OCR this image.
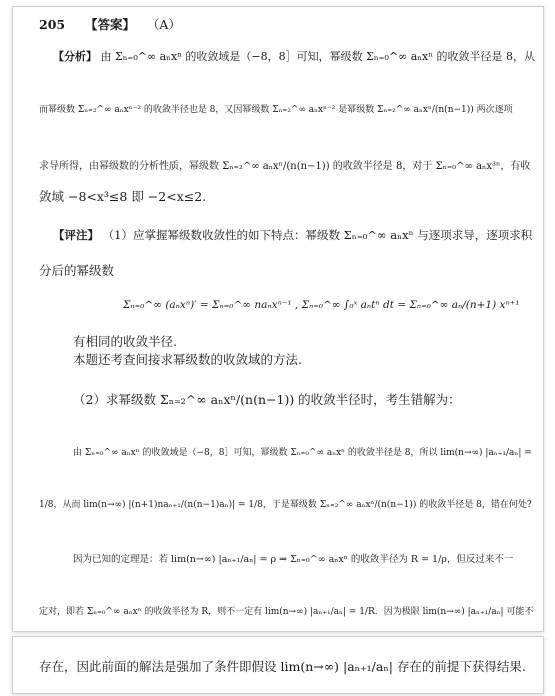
205 【答案】 （A）
【分析】 由 Σₙ₌₀^∞ aₙxⁿ 的收敛域是（−8，8］可知，幂级数 Σₙ₌₀^∞ aₙxⁿ 的收敛半径是 8，从
而幂级数 Σₙ₌₂^∞ aₙxⁿ⁻² 的收敛半径也是 8，又因幂级数 Σₙ₌₂^∞ aₙxⁿ⁻² 是幂级数 Σₙ₌₂^∞ aₙxⁿ/(n(n−1)) 两次逐项
求导所得，由幂级数的分析性质，幂级数 Σₙ₌₂^∞ aₙxⁿ/(n(n−1)) 的收敛半径是 8，对于 Σₙ₌₀^∞ aₙx³ⁿ，有收
敛域 −8<x³≤8 即 −2<x≤2.
【评注】 （1）应掌握幂级数收敛性的如下特点：幂级数 Σₙ₌₀^∞ aₙxⁿ 与逐项求导，逐项求积
分后的幂级数
Σₙ₌₀^∞ (aₙxⁿ)′ = Σₙ₌₀^∞ naₙxⁿ⁻¹ , Σₙ₌₀^∞ ∫₀ˣ aₙtⁿ dt = Σₙ₌₀^∞ aₙ/(n+1) xⁿ⁺¹
有相同的收敛半径.
本题还考查间接求幂级数的收敛域的方法.
（2）求幂级数 Σₙ₌₂^∞ aₙxⁿ/(n(n−1)) 的收敛半径时，考生错解为：
由 Σₙ₌₀^∞ aₙxⁿ 的收敛域是（−8，8］可知，幂级数 Σₙ₌₀^∞ aₙxⁿ 的收敛半径是 8，所以 lim(n→∞) |aₙ₊₁/aₙ| =
1/8，从而 lim(n→∞) |(n+1)naₙ₊₁/(n(n−1)aₙ)| = 1/8，于是幂级数 Σₙ₌₂^∞ aₙxⁿ/(n(n−1)) 的收敛半径是 8，错在何处?
因为已知的定理是：若 lim(n→∞) |aₙ₊₁/aₙ| = ρ ⇒ Σₙ₌₀^∞ aₙxⁿ 的收敛半径为 R = 1/ρ，但反过来不一
定对，即若 Σₙ₌₀^∞ aₙxⁿ 的收敛半径为 R，则不一定有 lim(n→∞) |aₙ₊₁/aₙ| = 1/R．因为极限 lim(n→∞) |aₙ₊₁/aₙ| 可能不
存在，因此前面的解法是强加了条件即假设 lim(n→∞) |aₙ₊₁/aₙ| 存在的前提下获得结果.
